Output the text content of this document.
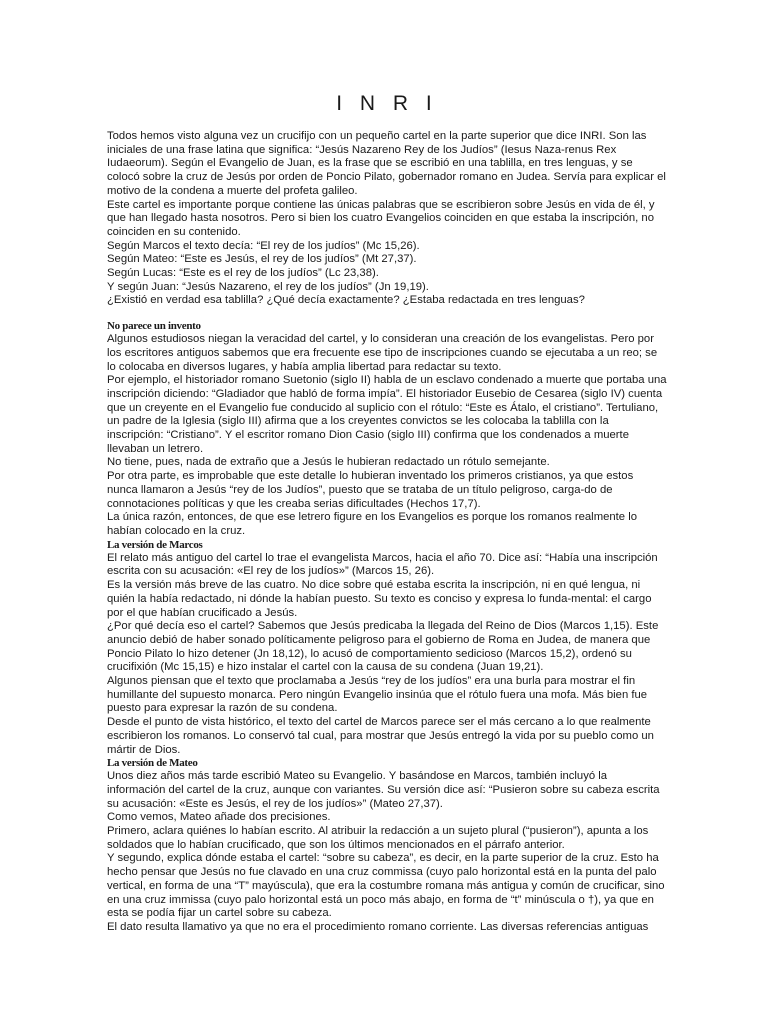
I N R I

Todos hemos visto alguna vez un crucifijo con un pequeño cartel en la parte superior que dice INRI. Son las iniciales de una frase latina que significa: “Jesús Nazareno Rey de los Judíos” (Iesus Naza-renus Rex Iudaeorum). Según el Evangelio de Juan, es la frase que se escribió en una tablilla, en tres lenguas, y se colocó sobre la cruz de Jesús por orden de Poncio Pilato, gobernador romano en Judea. Servía para explicar el motivo de la condena a muerte del profeta galileo.

Este cartel es importante porque contiene las únicas palabras que se escribieron sobre Jesús en vida de él, y que han llegado hasta nosotros. Pero si bien los cuatro Evangelios coinciden en que estaba la inscripción, no coinciden en su contenido.

Según Marcos el texto decía: “El rey de los judíos” (Mc 15,26).

Según Mateo: “Este es Jesús, el rey de los judíos” (Mt 27,37).

Según Lucas: “Este es el rey de los judíos” (Lc 23,38).

Y según Juan: “Jesús Nazareno, el rey de los judíos” (Jn 19,19).

¿Existió en verdad esa tablilla? ¿Qué decía exactamente? ¿Estaba redactada en tres lenguas?

No parece un invento

Algunos estudiosos niegan la veracidad del cartel, y lo consideran una creación de los evangelistas. Pero por los escritores antiguos sabemos que era frecuente ese tipo de inscripciones cuando se ejecutaba a un reo; se lo colocaba en diversos lugares, y había amplia libertad para redactar su texto.

Por ejemplo, el historiador romano Suetonio (siglo II) habla de un esclavo condenado a muerte que portaba una inscripción diciendo: “Gladiador que habló de forma impía”. El historiador Eusebio de Cesarea (siglo IV) cuenta que un creyente en el Evangelio fue conducido al suplicio con el rótulo: “Este es Átalo, el cristiano”. Tertuliano, un padre de la Iglesia (siglo III) afirma que a los creyentes convictos se les colocaba la tablilla con la inscripción: “Cristiano”. Y el escritor romano Dion Casio (siglo III) confirma que los condenados a muerte llevaban un letrero.

No tiene, pues, nada de extraño que a Jesús le hubieran redactado un rótulo semejante.

Por otra parte, es improbable que este detalle lo hubieran inventado los primeros cristianos, ya que estos nunca llamaron a Jesús “rey de los Judíos”, puesto que se trataba de un título peligroso, carga-do de connotaciones políticas y que les creaba serias dificultades (Hechos 17,7).

La única razón, entonces, de que ese letrero figure en los Evangelios es porque los romanos realmente lo habían colocado en la cruz.

La versión de Marcos

El relato más antiguo del cartel lo trae el evangelista Marcos, hacia el año 70. Dice así: “Había una inscripción escrita con su acusación: «El rey de los judíos»” (Marcos 15, 26).

Es la versión más breve de las cuatro. No dice sobre qué estaba escrita la inscripción, ni en qué lengua, ni quién la había redactado, ni dónde la habían puesto. Su texto es conciso y expresa lo funda-mental: el cargo por el que habían crucificado a Jesús.

¿Por qué decía eso el cartel? Sabemos que Jesús predicaba la llegada del Reino de Dios (Marcos 1,15). Este anuncio debió de haber sonado políticamente peligroso para el gobierno de Roma en Judea, de manera que Poncio Pilato lo hizo detener (Jn 18,12), lo acusó de comportamiento sedicioso (Marcos 15,2), ordenó su crucifixión (Mc 15,15) e hizo instalar el cartel con la causa de su condena (Juan 19,21).

Algunos piensan que el texto que proclamaba a Jesús “rey de los judíos” era una burla para mostrar el fin humillante del supuesto monarca. Pero ningún Evangelio insinúa que el rótulo fuera una mofa. Más bien fue puesto para expresar la razón de su condena.

Desde el punto de vista histórico, el texto del cartel de Marcos parece ser el más cercano a lo que realmente escribieron los romanos. Lo conservó tal cual, para mostrar que Jesús entregó la vida por su pueblo como un mártir de Dios.

La versión de Mateo

Unos diez años más tarde escribió Mateo su Evangelio. Y basándose en Marcos, también incluyó la información del cartel de la cruz, aunque con variantes. Su versión dice así: “Pusieron sobre su cabeza escrita su acusación: «Este es Jesús, el rey de los judíos»” (Mateo 27,37).

Como vemos, Mateo añade dos precisiones.

Primero, aclara quiénes lo habían escrito. Al atribuir la redacción a un sujeto plural (“pusieron”), apunta a los soldados que lo habían crucificado, que son los últimos mencionados en el párrafo anterior.

Y segundo, explica dónde estaba el cartel: “sobre su cabeza”, es decir, en la parte superior de la cruz. Esto ha hecho pensar que Jesús no fue clavado en una cruz commissa (cuyo palo horizontal está en la punta del palo vertical, en forma de una “T” mayúscula), que era la costumbre romana más antigua y común de crucificar, sino en una cruz immissa (cuyo palo horizontal está un poco más abajo, en forma de “t” minúscula o †), ya que en esta se podía fijar un cartel sobre su cabeza.

El dato resulta llamativo ya que no era el procedimiento romano corriente. Las diversas referencias antiguas
